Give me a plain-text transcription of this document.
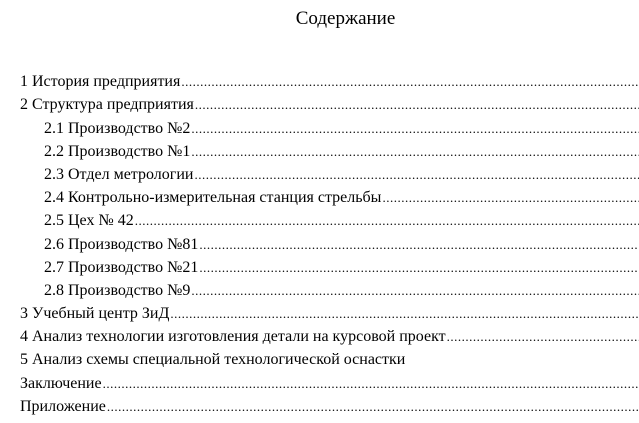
Содержание
1 История предприятия
.....
2 Структура предприятия
.....
2.1 Производство №2
.....
2.2 Производство №1
.....
2.3 Отдел метрологии
.....
2.4 Контрольно-измерительная станция стрельбы
.....
2.5 Цех № 42
.....
2.6 Производство №81
.....
2.7 Производство №21
.....
2.8 Производство №9
.....
3 Учебный центр ЗиД
.....
4 Анализ технологии изготовления детали на курсовой проект
.....
5 Анализ схемы специальной технологической оснастки
Заключение
.....
Приложение
.....
